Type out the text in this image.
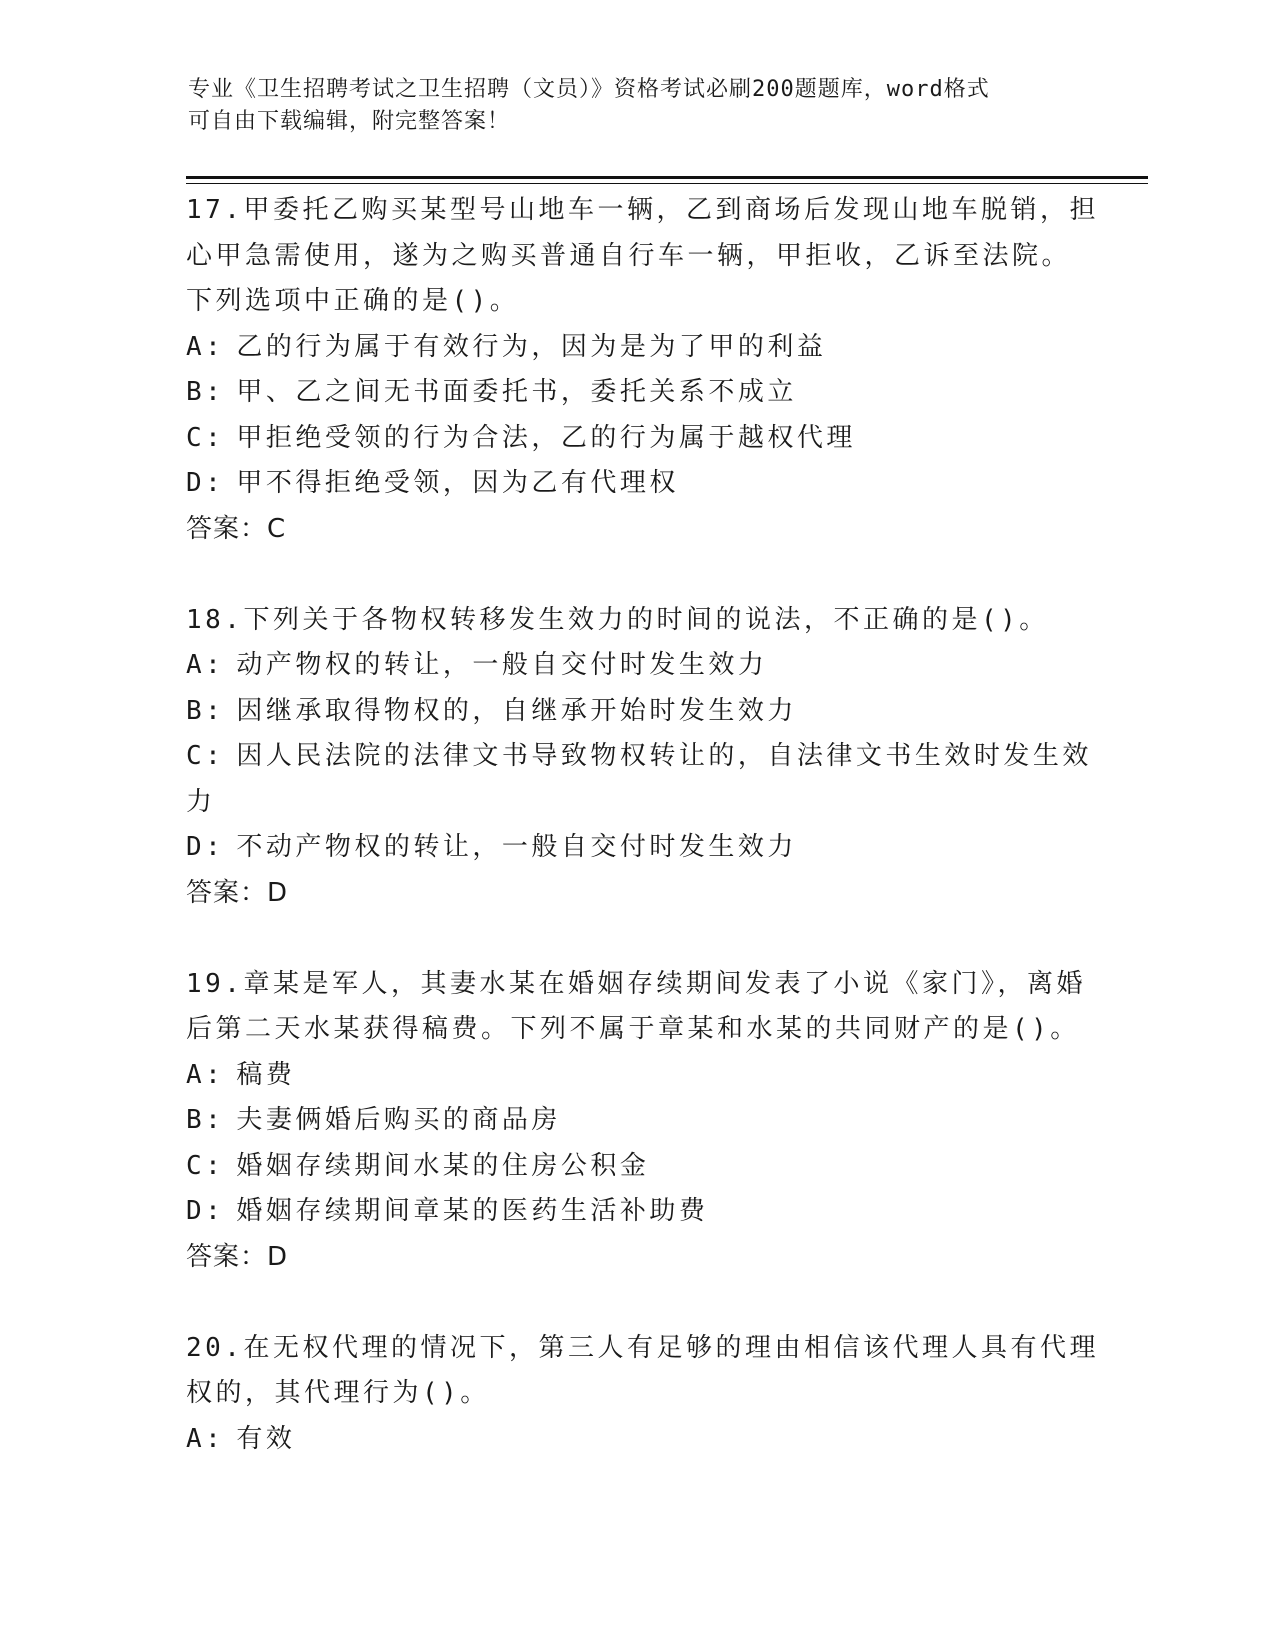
专业《卫生招聘考试之卫生招聘（文员）》资格考试必刷200题题库，word格式
可自由下载编辑，附完整答案！
17.甲委托乙购买某型号山地车一辆，乙到商场后发现山地车脱销，担
心甲急需使用，遂为之购买普通自行车一辆，甲拒收，乙诉至法院。
下列选项中正确的是()。
A: 乙的行为属于有效行为，因为是为了甲的利益
B: 甲、乙之间无书面委托书，委托关系不成立
C: 甲拒绝受领的行为合法，乙的行为属于越权代理
D: 甲不得拒绝受领，因为乙有代理权
答案：C
18.下列关于各物权转移发生效力的时间的说法，不正确的是()。
A: 动产物权的转让，一般自交付时发生效力
B: 因继承取得物权的，自继承开始时发生效力
C: 因人民法院的法律文书导致物权转让的，自法律文书生效时发生效
力
D: 不动产物权的转让，一般自交付时发生效力
答案：D
19.章某是军人，其妻水某在婚姻存续期间发表了小说《家门》，离婚
后第二天水某获得稿费。下列不属于章某和水某的共同财产的是()。
A: 稿费
B: 夫妻俩婚后购买的商品房
C: 婚姻存续期间水某的住房公积金
D: 婚姻存续期间章某的医药生活补助费
答案：D
20.在无权代理的情况下，第三人有足够的理由相信该代理人具有代理
权的，其代理行为()。
A: 有效
